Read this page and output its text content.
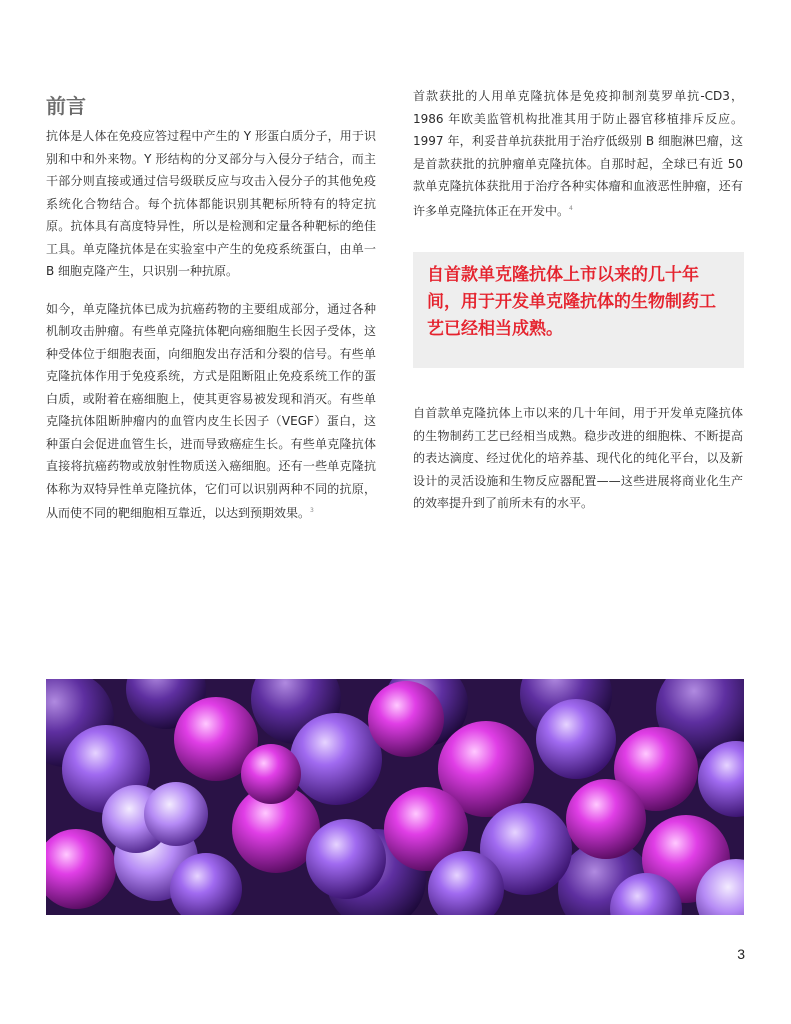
前言

抗体是人体在免疫应答过程中产生的 Y 形蛋白质分子，用于识别和中和外来物。Y 形结构的分叉部分与入侵分子结合，而主干部分则直接或通过信号级联反应与攻击入侵分子的其他免疫系统化合物结合。每个抗体都能识别其靶标所特有的特定抗原。抗体具有高度特异性，所以是检测和定量各种靶标的绝佳工具。单克隆抗体是在实验室中产生的免疫系统蛋白，由单一 B 细胞克隆产生，只识别一种抗原。

如今，单克隆抗体已成为抗癌药物的主要组成部分，通过各种机制攻击肿瘤。有些单克隆抗体靶向癌细胞生长因子受体，这种受体位于细胞表面，向细胞发出存活和分裂的信号。有些单克隆抗体作用于免疫系统，方式是阻断阻止免疫系统工作的蛋白质，或附着在癌细胞上，使其更容易被发现和消灭。有些单克隆抗体阻断肿瘤内的血管内皮生长因子（VEGF）蛋白，这种蛋白会促进血管生长，进而导致癌症生长。有些单克隆抗体直接将抗癌药物或放射性物质送入癌细胞。还有一些单克隆抗体称为双特异性单克隆抗体，它们可以识别两种不同的抗原，从而使不同的靶细胞相互靠近，以达到预期效果。$^3$

首款获批的人用单克隆抗体是免疫抑制剂莫罗单抗-CD3，1986 年欧美监管机构批准其用于防止器官移植排斥反应。1997 年，利妥昔单抗获批用于治疗低级别 B 细胞淋巴瘤，这是首款获批的抗肿瘤单克隆抗体。自那时起，全球已有近 50 款单克隆抗体获批用于治疗各种实体瘤和血液恶性肿瘤，还有许多单克隆抗体正在开发中。$^4$

自首款单克隆抗体上市以来的几十年间，用于开发单克隆抗体的生物制药工艺已经相当成熟。

自首款单克隆抗体上市以来的几十年间，用于开发单克隆抗体的生物制药工艺已经相当成熟。稳步改进的细胞株、不断提高的表达滴度、经过优化的培养基、现代化的纯化平台，以及新设计的灵活设施和生物反应器配置——这些进展将商业化生产的效率提升到了前所未有的水平。

3
